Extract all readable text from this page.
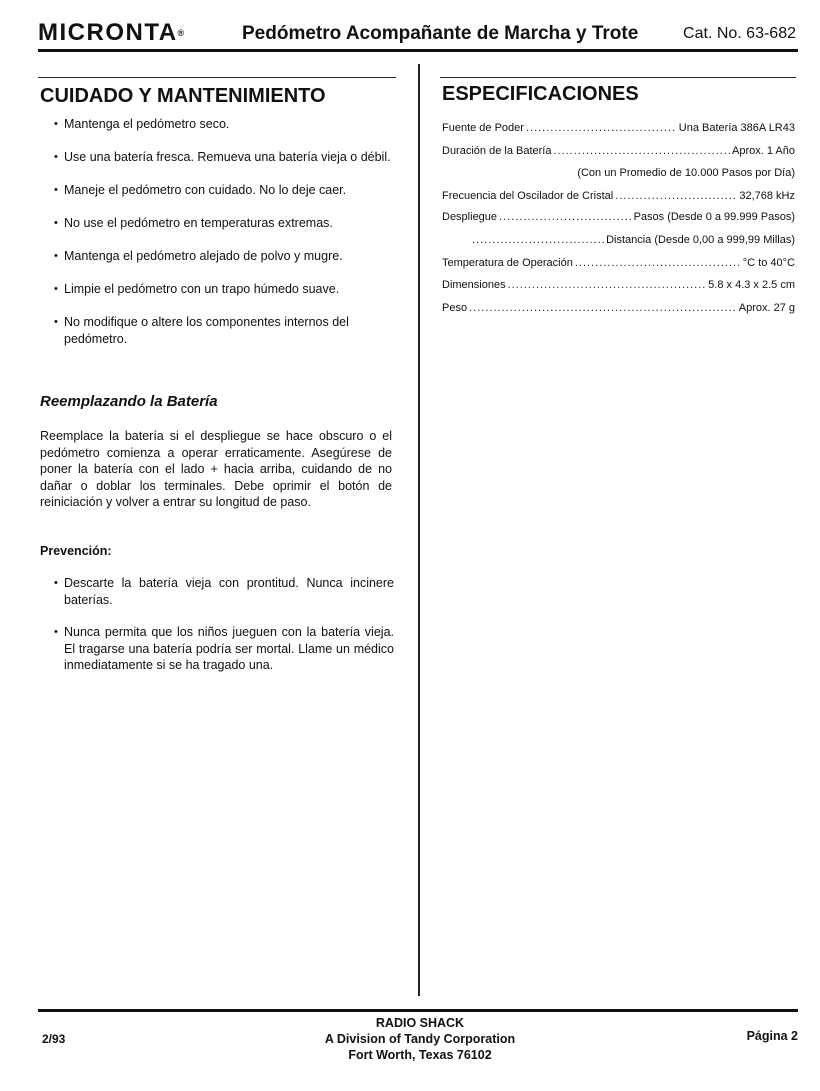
MICRONTA®	Pedómetro Acompañante de Marcha y Trote	Cat. No. 63-682
CUIDADO Y MANTENIMIENTO
• Mantenga el pedómetro seco.
• Use una batería fresca. Remueva una batería vieja o débil.
• Maneje el pedómetro con cuidado. No lo deje caer.
• No use el pedómetro en temperaturas extremas.
• Mantenga el pedómetro alejado de polvo y mugre.
• Limpie el pedómetro con un trapo húmedo suave.
• No modifique o altere los componentes internos del pedómetro.
Reemplazando la Batería

Reemplace la batería si el despliegue se hace obscuro o el pedómetro comienza a operar erraticamente. Asegúrese de poner la batería con el lado + hacia arriba, cuidando de no dañar o doblar los terminales. Debe oprimir el botón de reiniciación y volver a entrar su longitud de paso.

Prevención:

• Descarte la batería vieja con prontitud. Nunca incinere baterías.
• Nunca permita que los niños jueguen con la batería vieja. El tragarse una batería podría ser mortal. Llame un médico inmediatamente si se ha tragado una.
ESPECIFICACIONES
Fuente de Poder .....	Una Batería 386A LR43
Duración de la Batería .....	Aprox. 1 Año
(Con un Promedio de 10.000 Pasos por Día)
Frecuencia del Oscilador de Cristal .....	32,768 kHz
Despliegue .....	Pasos (Desde 0 a 99.999 Pasos)
.....
Distancia (Desde 0,00 a 999,99 Millas)
Temperatura de Operación .....	°C to 40°C
Dimensiones .....	5.8 x 4.3 x 2.5 cm
Peso .....	Aprox. 27 g
2/93
RADIO SHACK
A Division of Tandy Corporation
Fort Worth, Texas 76102
Página 2
